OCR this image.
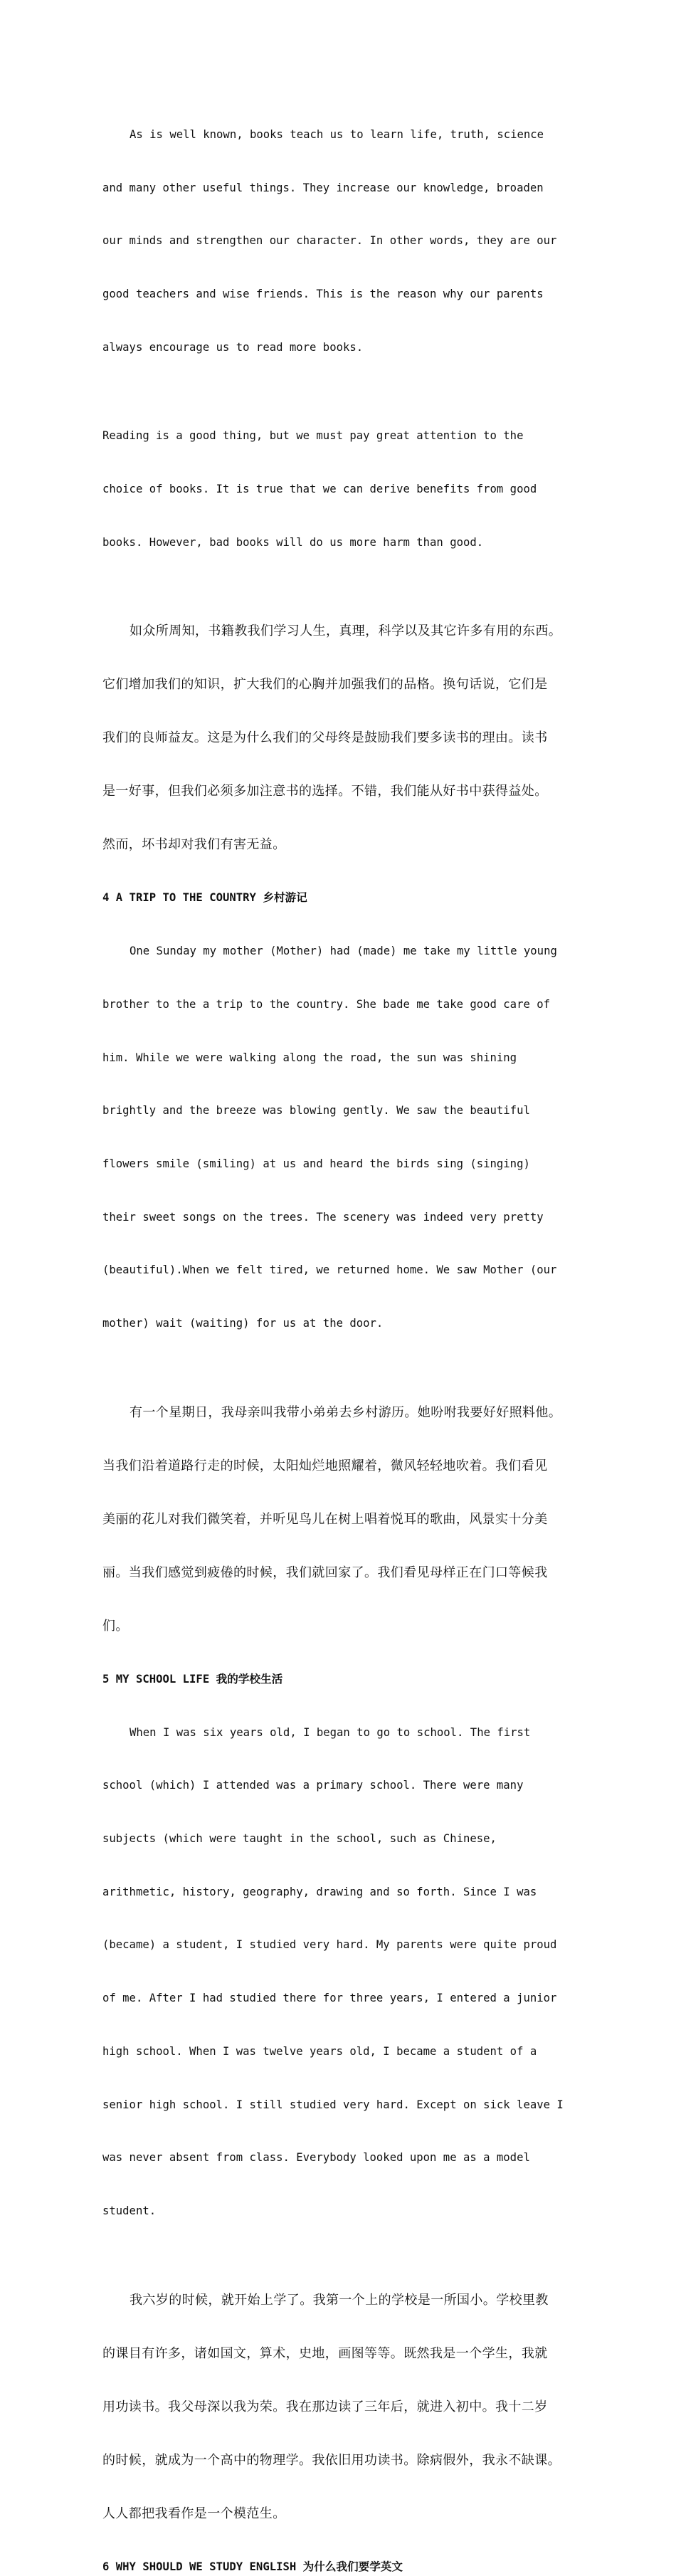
As is well known, books teach us to learn life, truth, science

and many other useful things. They increase our knowledge, broaden

our minds and strengthen our character. In other words, they are our

good teachers and wise friends. This is the reason why our parents

always encourage us to read more books.

Reading is a good thing, but we must pay great attention to the

choice of books. It is true that we can derive benefits from good

books. However, bad books will do us more harm than good.

如众所周知，书籍教我们学习人生，真理，科学以及其它许多有用的东西。

它们增加我们的知识，扩大我们的心胸并加强我们的品格。换句话说，它们是

我们的良师益友。这是为什么我们的父母终是鼓励我们要多读书的理由。读书

是一好事，但我们必须多加注意书的选择。不错，我们能从好书中获得益处。

然而，坏书却对我们有害无益。

4 A TRIP TO THE COUNTRY 乡村游记

One Sunday my mother (Mother) had (made) me take my little young

brother to the a trip to the country. She bade me take good care of

him. While we were walking along the road, the sun was shining

brightly and the breeze was blowing gently. We saw the beautiful

flowers smile (smiling) at us and heard the birds sing (singing)

their sweet songs on the trees. The scenery was indeed very pretty

(beautiful).When we felt tired, we returned home. We saw Mother (our

mother) wait (waiting) for us at the door.

有一个星期日，我母亲叫我带小弟弟去乡村游历。她吩咐我要好好照料他。

当我们沿着道路行走的时候，太阳灿烂地照耀着，微风轻轻地吹着。我们看见

美丽的花儿对我们微笑着，并听见鸟儿在树上唱着悦耳的歌曲，风景实十分美

丽。当我们感觉到疲倦的时候，我们就回家了。我们看见母样正在门口等候我

们。

5 MY SCHOOL LIFE 我的学校生活

When I was six years old, I began to go to school. The first

school (which) I attended was a primary school. There were many

subjects (which were taught in the school, such as Chinese,

arithmetic, history, geography, drawing and so forth. Since I was

(became) a student, I studied very hard. My parents were quite proud

of me. After I had studied there for three years, I entered a junior

high school. When I was twelve years old, I became a student of a

senior high school. I still studied very hard. Except on sick leave I

was never absent from class. Everybody looked upon me as a model

student.

我六岁的时候，就开始上学了。我第一个上的学校是一所国小。学校里教

的课目有许多，诸如国文，算术，史地，画图等等。既然我是一个学生，我就

用功读书。我父母深以我为荣。我在那边读了三年后，就进入初中。我十二岁

的时候，就成为一个高中的物理学。我依旧用功读书。除病假外，我永不缺课。

人人都把我看作是一个模范生。

6 WHY SHOULD WE STUDY ENGLISH 为什么我们要学英文
